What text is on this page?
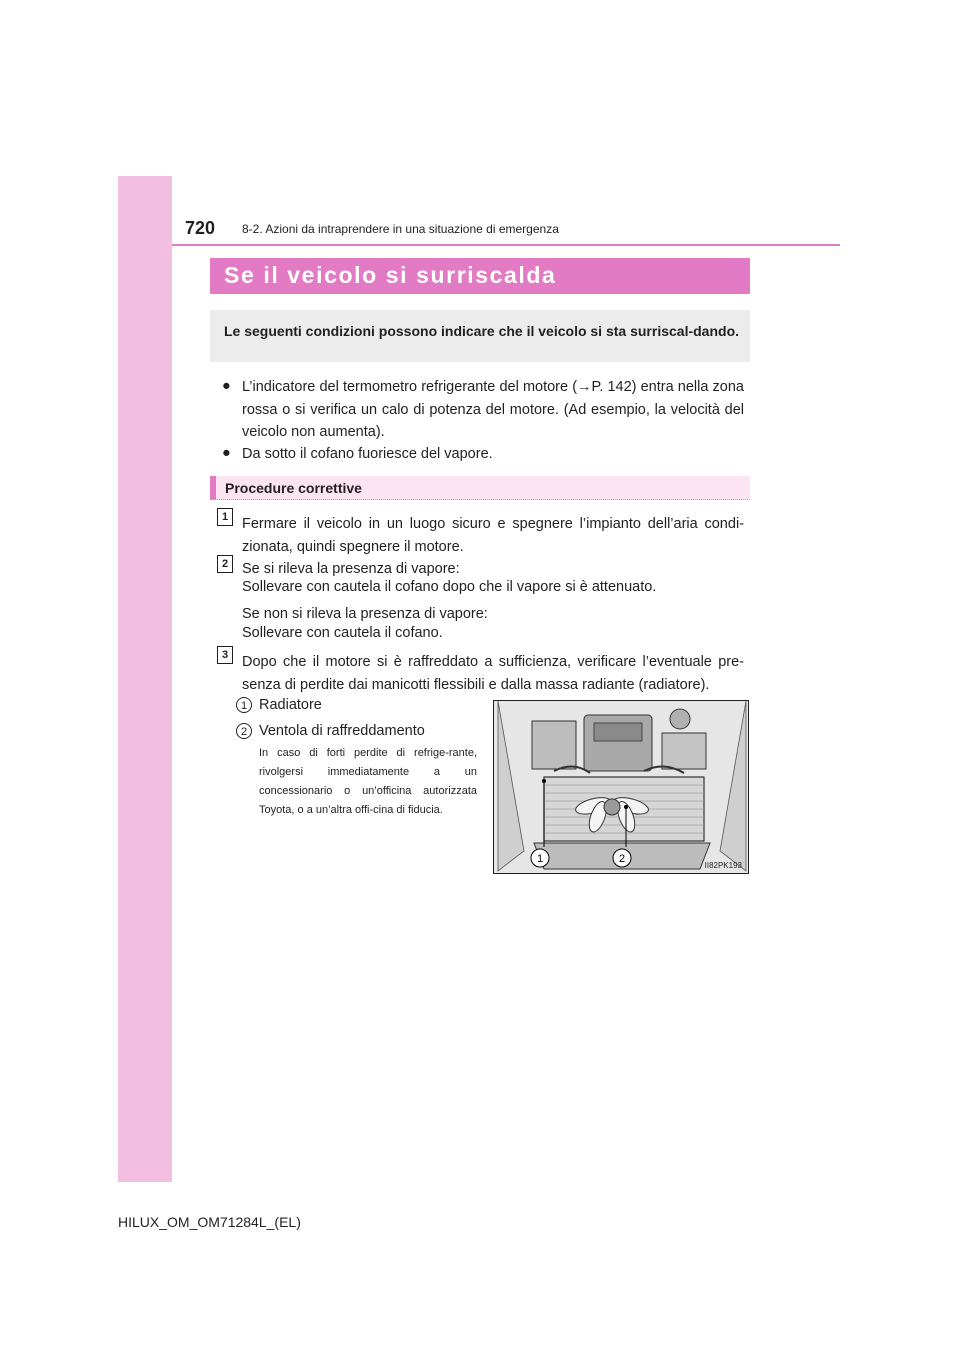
720 8-2. Azioni da intraprendere in una situazione di emergenza
Se il veicolo si surriscalda

Le seguenti condizioni possono indicare che il veicolo si sta surriscal-dando.

● L’indicatore del termometro refrigerante del motore (→P. 142) entra nella zona rossa o si verifica un calo di potenza del motore. (Ad esempio, la velocità del veicolo non aumenta).
● Da sotto il cofano fuoriesce del vapore.
Procedure correttive
1 Fermare il veicolo in un luogo sicuro e spegnere l’impianto dell’aria condi-zionata, quindi spegnere il motore.
2 Se si rileva la presenza di vapore:
Sollevare con cautela il cofano dopo che il vapore si è attenuato.
Se non si rileva la presenza di vapore:
Sollevare con cautela il cofano.
3 Dopo che il motore si è raffreddato a sufficienza, verificare l’eventuale pre-senza di perdite dai manicotti flessibili e dalla massa radiante (radiatore).
1 Radiatore
2 Ventola di raffreddamento
In caso di forti perdite di refrige-rante, rivolgersi immediatamente a un concessionario o un’officina autorizzata Toyota, o a un’altra offi-cina di fiducia.
1	2
II82PK193
HILUX_OM_OM71284L_(EL)
